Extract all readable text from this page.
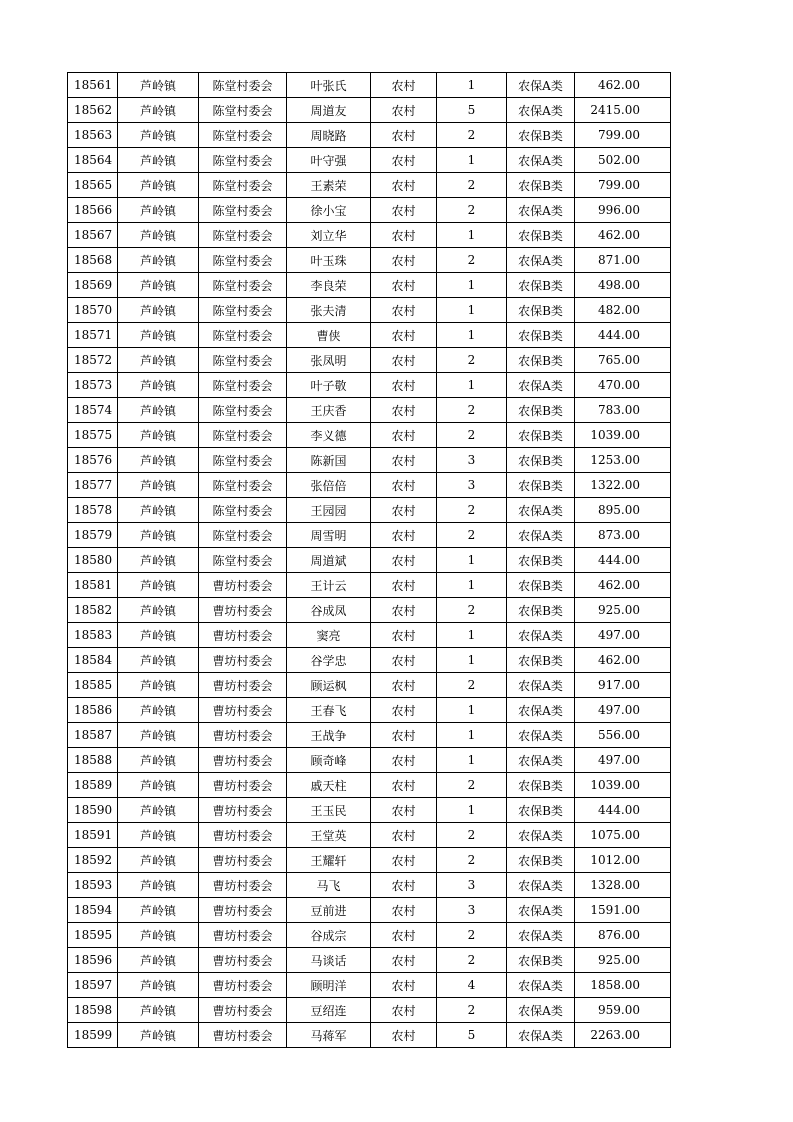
18561	芦岭镇	陈堂村委会	叶张氏	农村	1	农保A类	462.00
18562	芦岭镇	陈堂村委会	周道友	农村	5	农保A类	2415.00
18563	芦岭镇	陈堂村委会	周晓路	农村	2	农保B类	799.00
18564	芦岭镇	陈堂村委会	叶守强	农村	1	农保A类	502.00
18565	芦岭镇	陈堂村委会	王素荣	农村	2	农保B类	799.00
18566	芦岭镇	陈堂村委会	徐小宝	农村	2	农保A类	996.00
18567	芦岭镇	陈堂村委会	刘立华	农村	1	农保B类	462.00
18568	芦岭镇	陈堂村委会	叶玉珠	农村	2	农保A类	871.00
18569	芦岭镇	陈堂村委会	李良荣	农村	1	农保B类	498.00
18570	芦岭镇	陈堂村委会	张夫清	农村	1	农保B类	482.00
18571	芦岭镇	陈堂村委会	曹侠	农村	1	农保B类	444.00
18572	芦岭镇	陈堂村委会	张凤明	农村	2	农保B类	765.00
18573	芦岭镇	陈堂村委会	叶子敬	农村	1	农保A类	470.00
18574	芦岭镇	陈堂村委会	王庆香	农村	2	农保B类	783.00
18575	芦岭镇	陈堂村委会	李义德	农村	2	农保B类	1039.00
18576	芦岭镇	陈堂村委会	陈新国	农村	3	农保B类	1253.00
18577	芦岭镇	陈堂村委会	张倍倍	农村	3	农保B类	1322.00
18578	芦岭镇	陈堂村委会	王园园	农村	2	农保A类	895.00
18579	芦岭镇	陈堂村委会	周雪明	农村	2	农保A类	873.00
18580	芦岭镇	陈堂村委会	周道斌	农村	1	农保B类	444.00
18581	芦岭镇	曹坊村委会	王计云	农村	1	农保B类	462.00
18582	芦岭镇	曹坊村委会	谷成凤	农村	2	农保B类	925.00
18583	芦岭镇	曹坊村委会	窦亮	农村	1	农保A类	497.00
18584	芦岭镇	曹坊村委会	谷学忠	农村	1	农保B类	462.00
18585	芦岭镇	曹坊村委会	顾运枫	农村	2	农保A类	917.00
18586	芦岭镇	曹坊村委会	王春飞	农村	1	农保A类	497.00
18587	芦岭镇	曹坊村委会	王战争	农村	1	农保A类	556.00
18588	芦岭镇	曹坊村委会	顾奇峰	农村	1	农保A类	497.00
18589	芦岭镇	曹坊村委会	戚天柱	农村	2	农保B类	1039.00
18590	芦岭镇	曹坊村委会	王玉民	农村	1	农保B类	444.00
18591	芦岭镇	曹坊村委会	王堂英	农村	2	农保A类	1075.00
18592	芦岭镇	曹坊村委会	王耀轩	农村	2	农保B类	1012.00
18593	芦岭镇	曹坊村委会	马飞	农村	3	农保A类	1328.00
18594	芦岭镇	曹坊村委会	豆前进	农村	3	农保A类	1591.00
18595	芦岭镇	曹坊村委会	谷成宗	农村	2	农保A类	876.00
18596	芦岭镇	曹坊村委会	马谈话	农村	2	农保B类	925.00
18597	芦岭镇	曹坊村委会	顾明洋	农村	4	农保A类	1858.00
18598	芦岭镇	曹坊村委会	豆绍连	农村	2	农保A类	959.00
18599	芦岭镇	曹坊村委会	马蒋军	农村	5	农保A类	2263.00
